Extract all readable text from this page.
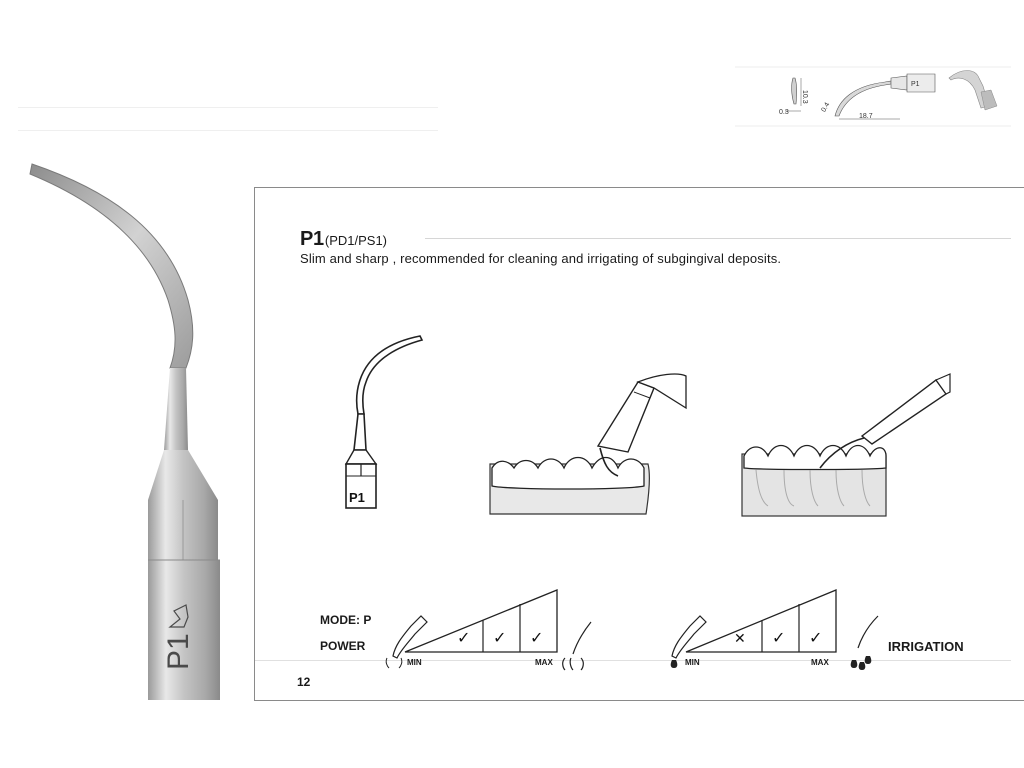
0.3
10.3
P1
0.4
18.7
P1
P1(PD1/PS1)
Slim and sharp , recommended for cleaning and irrigating of subgingival deposits.
P1
MODE: P
POWER	IRRIGATION
✓ ✓ ✓
MIN	MAX
✕ ✓ ✓
MIN	MAX
12
